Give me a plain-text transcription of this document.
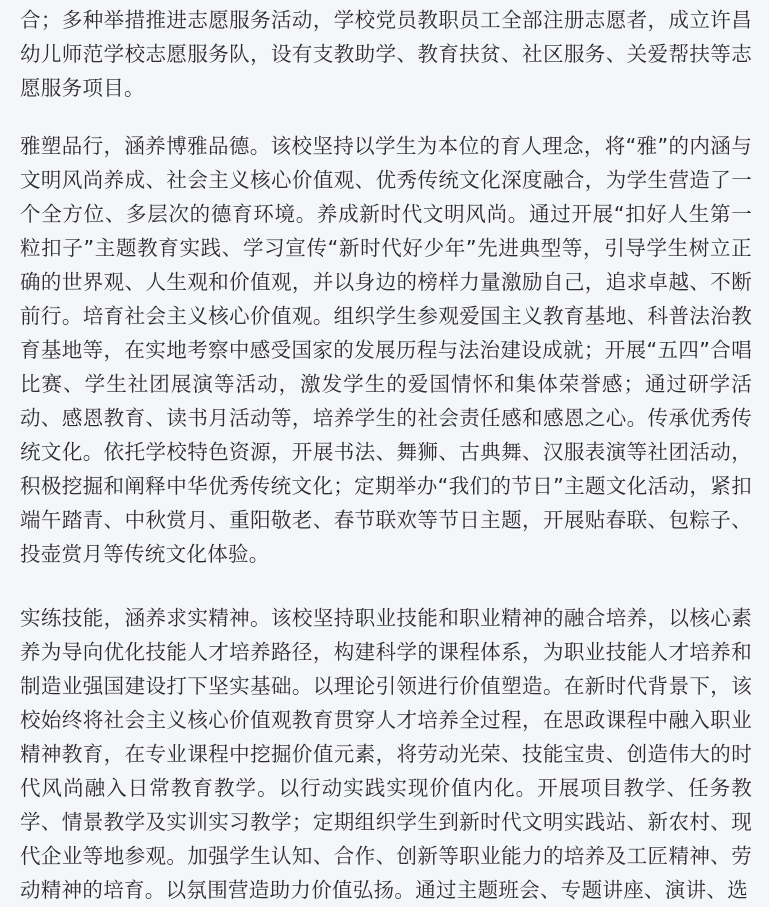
合；多种举措推进志愿服务活动，学校党员教职员工全部注册志愿者，成立许昌幼儿师范学校志愿服务队，设有支教助学、教育扶贫、社区服务、关爱帮扶等志愿服务项目。

雅塑品行，涵养博雅品德。该校坚持以学生为本位的育人理念，将“雅”的内涵与文明风尚养成、社会主义核心价值观、优秀传统文化深度融合，为学生营造了一个全方位、多层次的德育环境。养成新时代文明风尚。通过开展“扣好人生第一粒扣子”主题教育实践、学习宣传“新时代好少年”先进典型等，引导学生树立正确的世界观、人生观和价值观，并以身边的榜样力量激励自己，追求卓越、不断前行。培育社会主义核心价值观。组织学生参观爱国主义教育基地、科普法治教育基地等，在实地考察中感受国家的发展历程与法治建设成就；开展“五四”合唱比赛、学生社团展演等活动，激发学生的爱国情怀和集体荣誉感；通过研学活动、感恩教育、读书月活动等，培养学生的社会责任感和感恩之心。传承优秀传统文化。依托学校特色资源，开展书法、舞狮、古典舞、汉服表演等社团活动，积极挖掘和阐释中华优秀传统文化；定期举办“我们的节日”主题文化活动，紧扣端午踏青、中秋赏月、重阳敬老、春节联欢等节日主题，开展贴春联、包粽子、投壶赏月等传统文化体验。

实练技能，涵养求实精神。该校坚持职业技能和职业精神的融合培养，以核心素养为导向优化技能人才培养路径，构建科学的课程体系，为职业技能人才培养和制造业强国建设打下坚实基础。以理论引领进行价值塑造。在新时代背景下，该校始终将社会主义核心价值观教育贯穿人才培养全过程，在思政课程中融入职业精神教育，在专业课程中挖掘价值元素，将劳动光荣、技能宝贵、创造伟大的时代风尚融入日常教育教学。以行动实践实现价值内化。开展项目教学、任务教学、情景教学及实训实习教学；定期组织学生到新时代文明实践站、新农村、现代企业等地参观。加强学生认知、合作、创新等职业能力的培养及工匠精神、劳动精神的培育。以氛围营造助力价值弘扬。通过主题班会、专题讲座、演讲、选
